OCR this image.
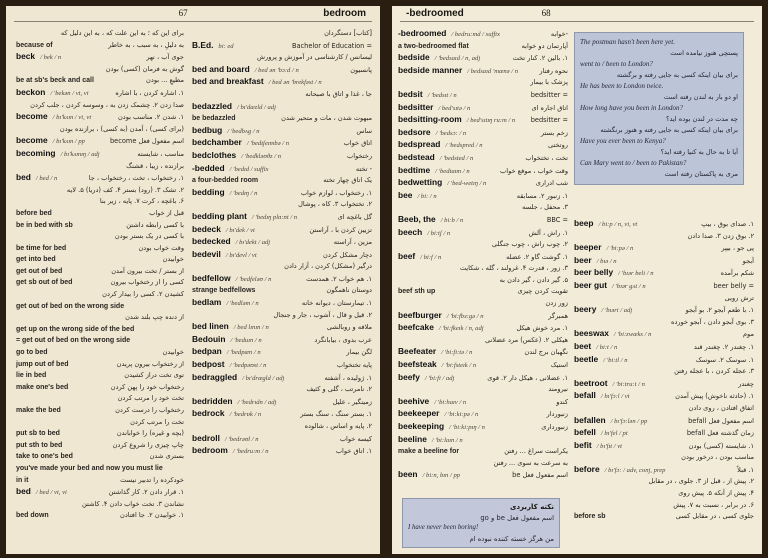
67	bedroom
برای این که ؛ به این علت که ، به این دلیل که
because of	به دلیلِ ، به سبب ، به خاطر
beck / bek / n	جوی آب ، نهر
گوش به فرمان (کسی) بودن
be at sb's beck and call	مطیعِ ... بودن
beckon / 'bekən / vt, vi	۱. اشاره کردن ، با اشاره
صدا زدن ۲. چشمک زدن به ، وسوسه کردن ، جلب کردن
become / bɪ'kʌm / vi, vt	۱. شدن ۲. مناسب بودن
(برای کسی) ، آمدن (به کسی) ، برازنده بودن
become / bɪ'kʌm / pp	اسم مفعول فعل become
becoming / bɪ'kʌmɪŋ / adj	مناسب ، شایسته
برازنده ، زیبا ، قشنگ
bed / bed / n	۱. رختخواب ، تخت ، رختخواب ، جا
۲. تشک ۳. (رود) بستر ۴. کف (دریا) ۵. لایه
۶. باغچه ، کرت ۷. پایه ، زیر بنا
before bed	قبل از خواب
be in bed with sb	با کسی رابطه داشتن
با کسی در یک بستر بودن
be time for bed	وقت خواب بودن
get into bed	خوابیدن
get out of bed	از بستر / تخت بیرون آمدن
get sb out of bed	کسی را از رختخواب بیرون
کشیدن ۲. کسی را بیدار کردن
get out of bed on the wrong side
از دنده چپ بلند شدن
get up on the wrong side of the bed
= get out of bed on the wrong side
go to bed	خوابیدن
jump out of bed	از رختخواب بیرون پریدن
lie in bed	توی تخت دراز کشیدن
make one's bed	رختخواب خود را پهن کردن
تخت خود را مرتب کردن
make the bed	رختخواب را درست کردن
تخت را مرتب کردن
put sb to bed	(بچه و غیره) را خواباندن
put sth to bed	چاپ چیزی را شروع کردن
take to one's bed	بستری شدن
you've made your bed and now you must lie
in it	خودکرده را تدبیر نیست
bed / bed / vt, vi	۱. قرار دادن ۲. کار گذاشتن
نشاندن ۳. تخت خواب دادن ۴. کاشتن
bed down	۱. خوابیدن ۲. جا افتادن
[کتاب] دستگردان
B.Ed. bi: ed	= Bachelor of Education
لیسانس / کارشناسی در آموزش و پرورش
bed and board / bed ən 'bɔ:d / n	پانسیون
bed and breakfast / bed ən 'brekfəst / n
جا ، غذا و اتاق با صبحانه
bedazzled / bɪ'dæzld / adj
be bedazzled	مبهوت شدن ، مات و متحیر شدن
bedbug / 'bedbʌg / n	ساس
bedchamber / 'bedtʃeɪmbə / n	اتاق خواب
bedclothes / 'bedkləʊðz / n	رختخواب
-bedded / 'bedɪd / suffix	- تخته
a four-bedded room	یک اتاق چهار تخته
bedding / 'bedɪŋ / n	۱. رختخواب ، لوازم خواب
۲. تختخواب ۳. کاه ، پوشال
bedding plant / 'bedɪŋ plɑ:nt / n	گل باغچه ای
bedeck / bɪ'dek / vt	تزیین کردن با ، آراستن
bedecked / bɪ'dekt / adj	مزین ، آراسته
bedevil / bɪ'devl / vt	دچار مشکل کردن
درگیر (مشکل) کردن ، آزار دادن
bedfellow / 'bedfeləʊ / n	۱. هم خواب ۲. همدست
strange bedfellows	دوستان ناهمگون
bedlam / 'bedləm / n	۱. تیمارستان ، دیوانه خانه
۲. قیل و قال ، آشوب ، جار و جنجال
bed linen / bed lɪnɪn / n	ملافه و روبالشی
Bedouin / 'beduɪn / n	عرب بدوی ، بیابانگرد
bedpan / 'bedpæn / n	لگن بیمار
bedpost / 'bedpəʊst / n	پایه تختخواب
bedraggled / bɪ'drægld / adj	۱. ژولیده ، آشفته
۲. نامرتب ، گلی و کثیف
bedridden / 'bedrɪdn / adj	زمینگیر ، علیل
bedrock / 'bedrɒk / n	۱. بستر سنگ ، سنگ بستر
۲. پایه و اساس ، شالوده
bedroll / 'bedrəʊl / n	کیسه خواب
bedroom / 'bedru:m / n	۱. اتاق خواب
-bedroomed	68
-bedroomed / bedru:md / suffix	-خوابه
a two-bedroomed flat	آپارتمان دو خوابه
bedside / 'bedsaɪd / n, adj	۱. بالین ۲. کنار تخت
bedside manner / bedsaɪd 'mænə / n	نحوه رفتار
پزشک با بیمار
bedsit / 'bedsɪt / n	= bedsitter
bedsitter / bed'sɪtə / n	اتاق اجاره ای
bedsitting-room / bed'sɪtɪŋ ru:m / n	= bedsitter
bedsore / 'bedsɔ: / n	زخم بستر
bedspread / 'bedspred / n	روتختی
bedstead / 'bedsted / n	تخت ، تختخواب
bedtime / 'bedtaɪm / n	وقت خواب ، موقع خواب
bedwetting / 'bed-wetɪŋ / n	شب ادراری
bee / bi: / n	۱. زنبور ۲. مسابقه
۳. محفل ، جلسه
Beeb, the / bi:b / n	= BBC
beech / bi:tʃ / n	۱. راش ، آلش
۲. چوب راش ، چوب جنگلی
beef / bi:f / n	۱. گوشت گاو ۲. عضله
۳. زور ، قدرت ۴. غرولند ، گله ، شکایت
۵. گیر دادن ، گیر دادن به
beef sth up	تقویت کردن چیزی
زور زدن
beefburger / 'bi:fbɜ:gə / n	همبرگر
beefcake / 'bi:fkeɪk / n, adj	۱. مرد خوش هیکل
هیکلی ۲. (عکس) مرد عضلانی
Beefeater / 'bi:fi:tə / n	نگهبان برج لندن
beefsteak / 'bi:fsteɪk / n	استیک
beefy / 'bi:fi / adj	۱. عضلانی ، هیکل دار ۲. قوی
نیرومند
beehive / 'bi:haɪv / n	کندو
beekeeper / 'bi:ki:pə / n	زنبوردار
beekeeping / 'bi:ki:pɪŋ / n	زنبورداری
beeline / 'bi:laɪn / n
make a beeline for	یکراست سراغ ... رفتن
به سرعت به سوی ... رفتن
been / bi:n, bɪn / pp	اسم مفعول فعل be
The postman hasn't been here yet.
پستچی هنوز نیامده است
went to / been to London?
برای بیان اینکه کسی به جایی رفته و برگشته
He has been to London twice.
او دو بار به لندن رفته است
How long have you been in London?
چه مدت در لندن بوده اید؟
برای بیان اینکه کسی به جایی رفته و هنوز برنگشته
Have you ever been to Kenya?
آیا تا به حال به کنیا رفته اید؟
Can Mary went to / been to Pakistan?
مری به پاکستان رفته است
beep / bi:p / n, vi, vt	۱. صدای بوق ، بیپ
۲. بوق زدن ۳. صدا دادن
beeper / 'bi:pə / n	پی جو ، بیپر
beer / bɪə / n	آبجو
beer belly / 'bɪər beli / n	شکم برآمده
beer gut / 'bɪər gʌt / n	= beer belly
ترش رویی
beery / 'bɪəri / adj	۱. با طعم آبجو ۲. بو آبجو
۳. بوی آبجو دادن ، آبجو خورده
beeswax / 'bi:zwæks / n	موم
beet / bi:t / n	۱. چغندر ۲. چغندر قند
beetle / 'bi:tl / n	۱. سوسک ۲. سوسک
۳. عجله کردن ، با عجله رفتن
beetroot / 'bi:tru:t / n	چغندر
befall / bɪ'fɔ:l / vt	۱. (حادثه ناخوش) پیش آمدن
اتفاق افتادن ، روی دادن
befallen / bɪ'fɔ:lən / pp	اسم مفعول فعل befall
befell / bɪ'fel / pt	زمان گذشته فعل befall
befit / bɪ'fɪt / vt	۱. شایسته (کسی) بودن
مناسب بودن ، درخور بودن
before / bɪ'fɔ: / adv, conj, prep	۱. قبلاً
۲. پیش از ، قبل از ۳. جلوی ، در مقابل
۴. پیش از آنکه ۵. پیش روی
۶. در برابر ، نسبت به ۷. پیش
before sb	جلوی کسی ، در مقابل کسی
نکته کاربردی
اسم مفعول فعل be و go
I have never been boring!
من هرگز خسته کننده نبوده ام
